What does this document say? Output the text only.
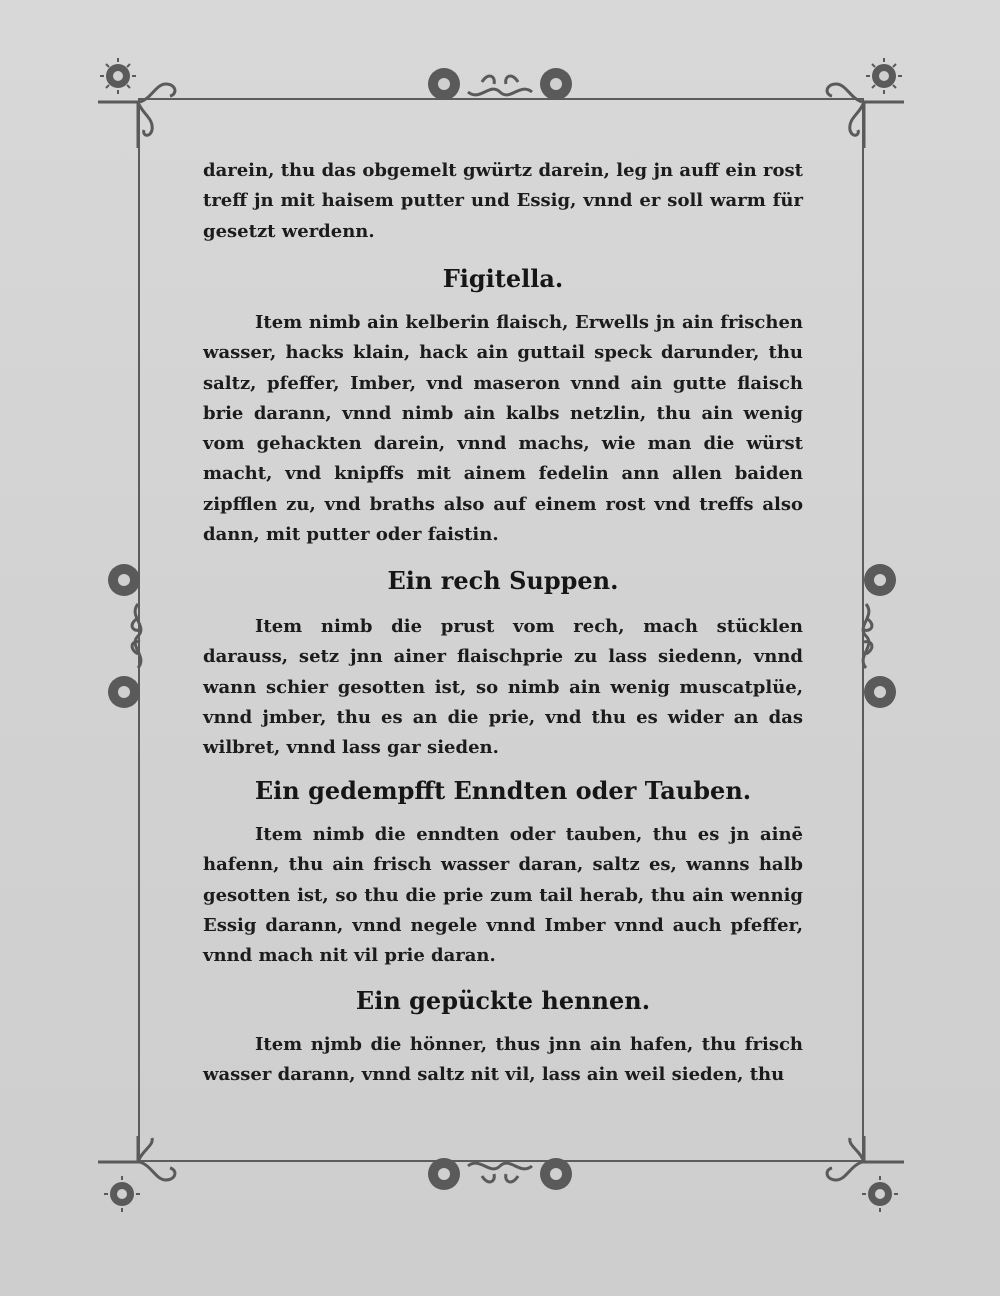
darein, thu das obgemelt gwürtz darein, leg jn auff ein rost treff jn mit haisem putter und Essig, vnnd er soll warm für gesetzt werdenn.
Figitella.
Item nimb ain kelberin flaisch, Erwells jn ain frischen wasser, hacks klain, hack ain guttail speck darunder, thu saltz, pfeffer, Imber, vnd maseron vnnd ain gutte flaisch brie darann, vnnd nimb ain kalbs netzlin, thu ain wenig vom gehackten darein, vnnd machs, wie man die würst macht, vnd knipffs mit ainem fedelin ann allen baiden zipfflen zu, vnd braths also auf einem rost vnd treffs also dann, mit putter oder faistin.
Ein rech Suppen.
Item nimb die prust vom rech, mach stücklen darauss, setz jnn ainer flaischprie zu lass siedenn, vnnd wann schier gesotten ist, so nimb ain wenig muscatplüe, vnnd jmber, thu es an die prie, vnd thu es wider an das wilbret, vnnd lass gar sieden.
Ein gedempfft Enndten oder Tauben.
Item nimb die enndten oder tauben, thu es jn ainē hafenn, thu ain frisch wasser daran, saltz es, wanns halb gesotten ist, so thu die prie zum tail herab, thu ain wennig Essig darann, vnnd negele vnnd Imber vnnd auch pfeffer, vnnd mach nit vil prie daran.
Ein gepückte hennen.
Item njmb die hönner, thus jnn ain hafen, thu frisch wasser darann, vnnd saltz nit vil, lass ain weil sieden, thu
